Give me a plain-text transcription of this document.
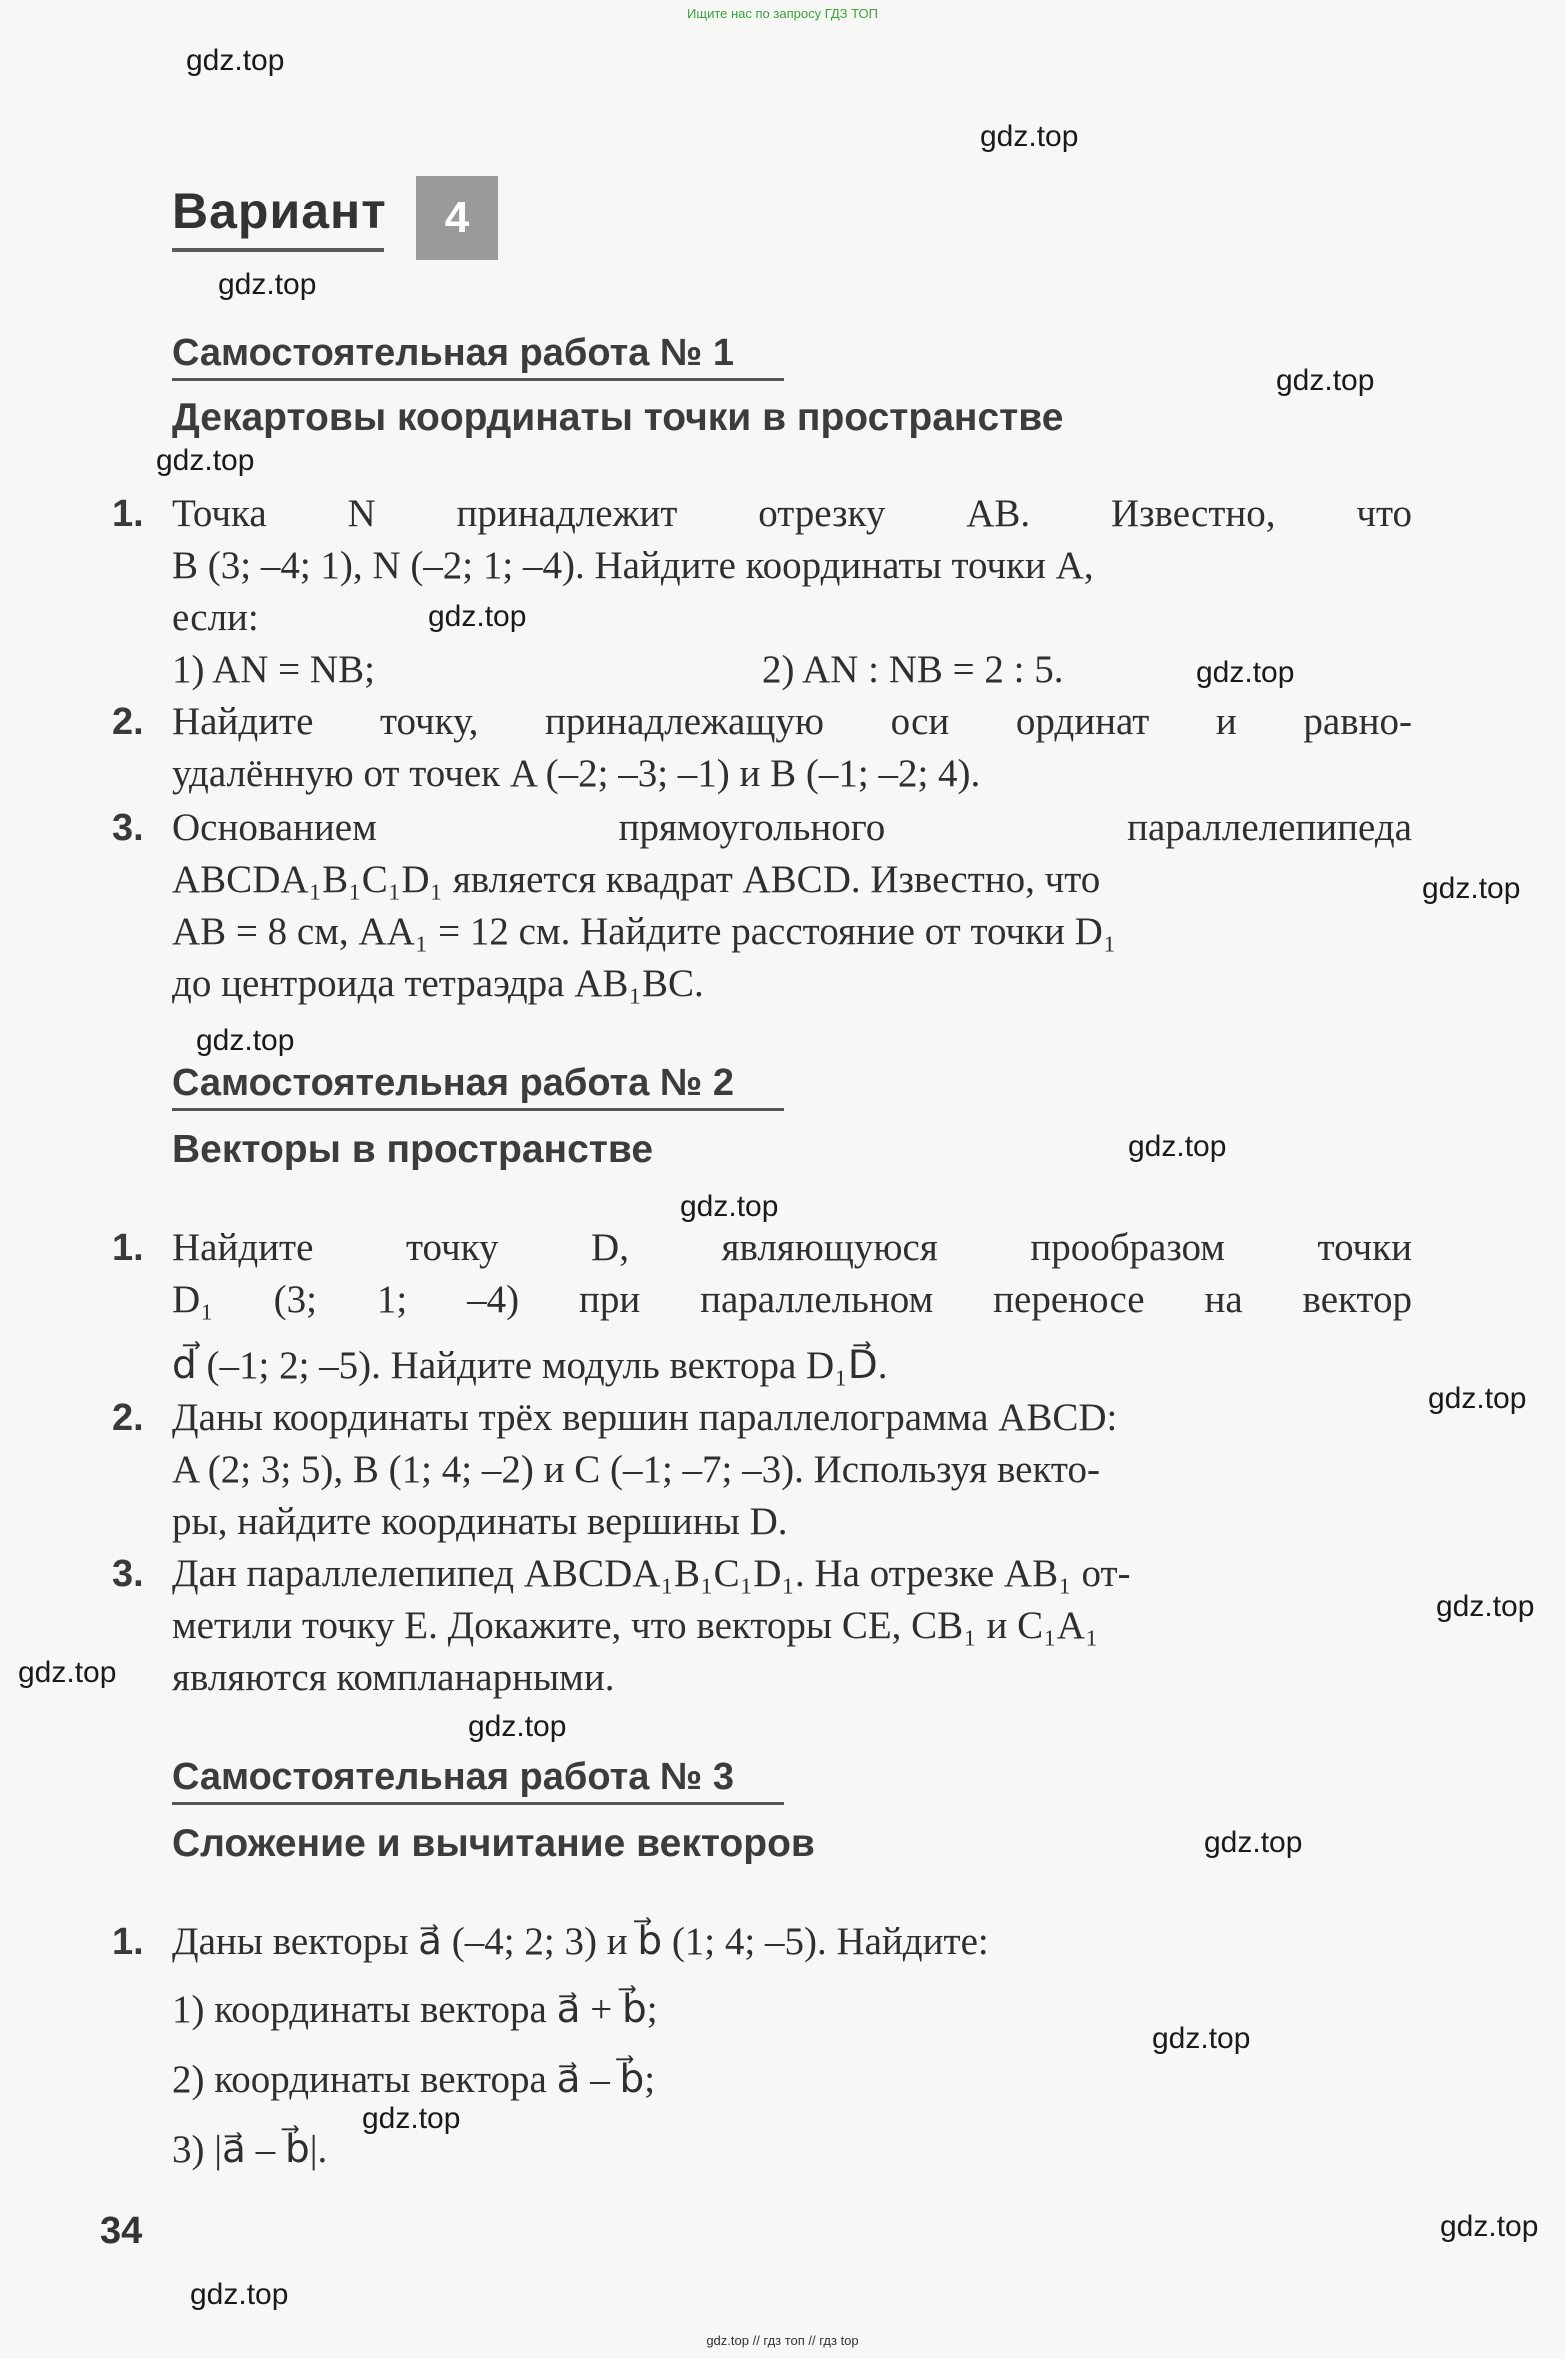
Ищите нас по запросу ГДЗ ТОП
gdz.top // гдз топ // гдз top
gdz.top
gdz.top
gdz.top
gdz.top
gdz.top
gdz.top
gdz.top
gdz.top
gdz.top
gdz.top
gdz.top
gdz.top
gdz.top
gdz.top
gdz.top
gdz.top
gdz.top
gdz.top
gdz.top
gdz.top
Вариант	4
Самостоятельная работа № 1
Декартовы координаты точки в пространстве
1. Точка N принадлежит отрезку AB. Известно, что
B (3; –4; 1), N (–2; 1; –4). Найдите координаты точки A,
если:
1) AN = NB;	2) AN : NB = 2 : 5.
2. Найдите точку, принадлежащую оси ординат и равно-
удалённую от точек A (–2; –3; –1) и B (–1; –2; 4).
3. Основанием прямоугольного параллелепипеда
ABCDA₁B₁C₁D₁ является квадрат ABCD. Известно, что
AB = 8 см, AA₁ = 12 см. Найдите расстояние от точки D₁
до центроида тетраэдра AB₁BC.
Самостоятельная работа № 2
Векторы в пространстве
1. Найдите точку D, являющуюся прообразом точки
D₁ (3; 1; –4) при параллельном переносе на вектор
d⃗ (–1; 2; –5). Найдите модуль вектора D₁D⃗.
2. Даны координаты трёх вершин параллелограмма ABCD:
A (2; 3; 5), B (1; 4; –2) и C (–1; –7; –3). Используя векто-
ры, найдите координаты вершины D.
3. Дан параллелепипед ABCDA₁B₁C₁D₁. На отрезке AB₁ от-
метили точку E. Докажите, что векторы CE, CB₁ и C₁A₁
являются компланарными.
Самостоятельная работа № 3
Сложение и вычитание векторов
1. Даны векторы a⃗ (–4; 2; 3) и b⃗ (1; 4; –5). Найдите:
1) координаты вектора a⃗ + b⃗;
2) координаты вектора a⃗ – b⃗;
3) |a⃗ – b⃗|.
34
